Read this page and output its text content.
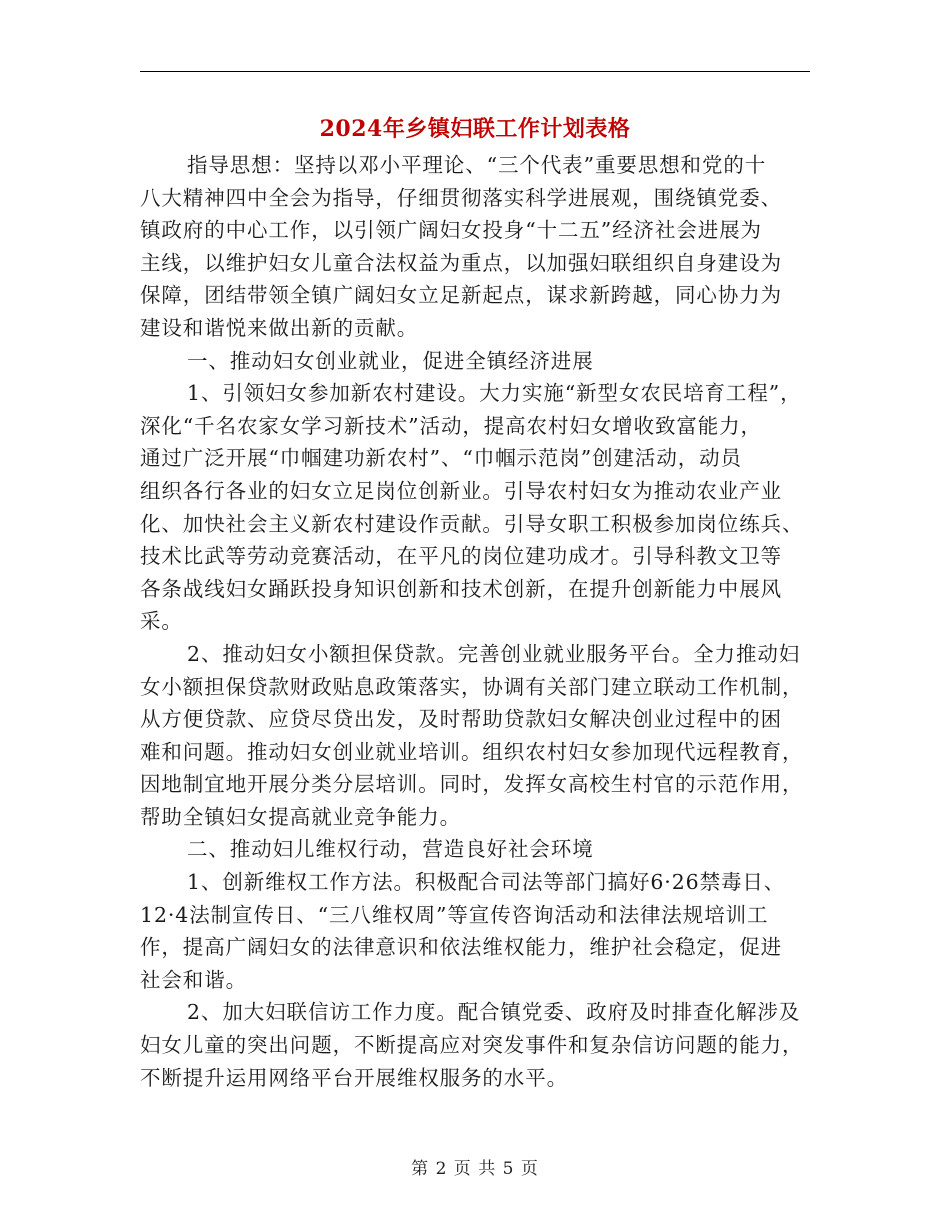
2024年乡镇妇联工作计划表格
指导思想：坚持以邓小平理论、“三个代表”重要思想和党的十
八大精神四中全会为指导，仔细贯彻落实科学进展观，围绕镇党委、
镇政府的中心工作，以引领广阔妇女投身“十二五”经济社会进展为
主线，以维护妇女儿童合法权益为重点，以加强妇联组织自身建设为
保障，团结带领全镇广阔妇女立足新起点，谋求新跨越，同心协力为
建设和谐悦来做出新的贡献。
一、推动妇女创业就业，促进全镇经济进展
1、引领妇女参加新农村建设。大力实施“新型女农民培育工程”，
深化“千名农家女学习新技术”活动，提高农村妇女增收致富能力，
通过广泛开展“巾帼建功新农村”、“巾帼示范岗”创建活动，动员
组织各行各业的妇女立足岗位创新业。引导农村妇女为推动农业产业
化、加快社会主义新农村建设作贡献。引导女职工积极参加岗位练兵、
技术比武等劳动竞赛活动，在平凡的岗位建功成才。引导科教文卫等
各条战线妇女踊跃投身知识创新和技术创新，在提升创新能力中展风
采。
2、推动妇女小额担保贷款。完善创业就业服务平台。全力推动妇
女小额担保贷款财政贴息政策落实，协调有关部门建立联动工作机制，
从方便贷款、应贷尽贷出发，及时帮助贷款妇女解决创业过程中的困
难和问题。推动妇女创业就业培训。组织农村妇女参加现代远程教育，
因地制宜地开展分类分层培训。同时，发挥女高校生村官的示范作用，
帮助全镇妇女提高就业竞争能力。
二、推动妇儿维权行动，营造良好社会环境
1、创新维权工作方法。积极配合司法等部门搞好6·26禁毒日、
12·4法制宣传日、“三八维权周”等宣传咨询活动和法律法规培训工
作，提高广阔妇女的法律意识和依法维权能力，维护社会稳定，促进
社会和谐。
2、加大妇联信访工作力度。配合镇党委、政府及时排查化解涉及
妇女儿童的突出问题，不断提高应对突发事件和复杂信访问题的能力，
不断提升运用网络平台开展维权服务的水平。
第 2 页 共 5 页
